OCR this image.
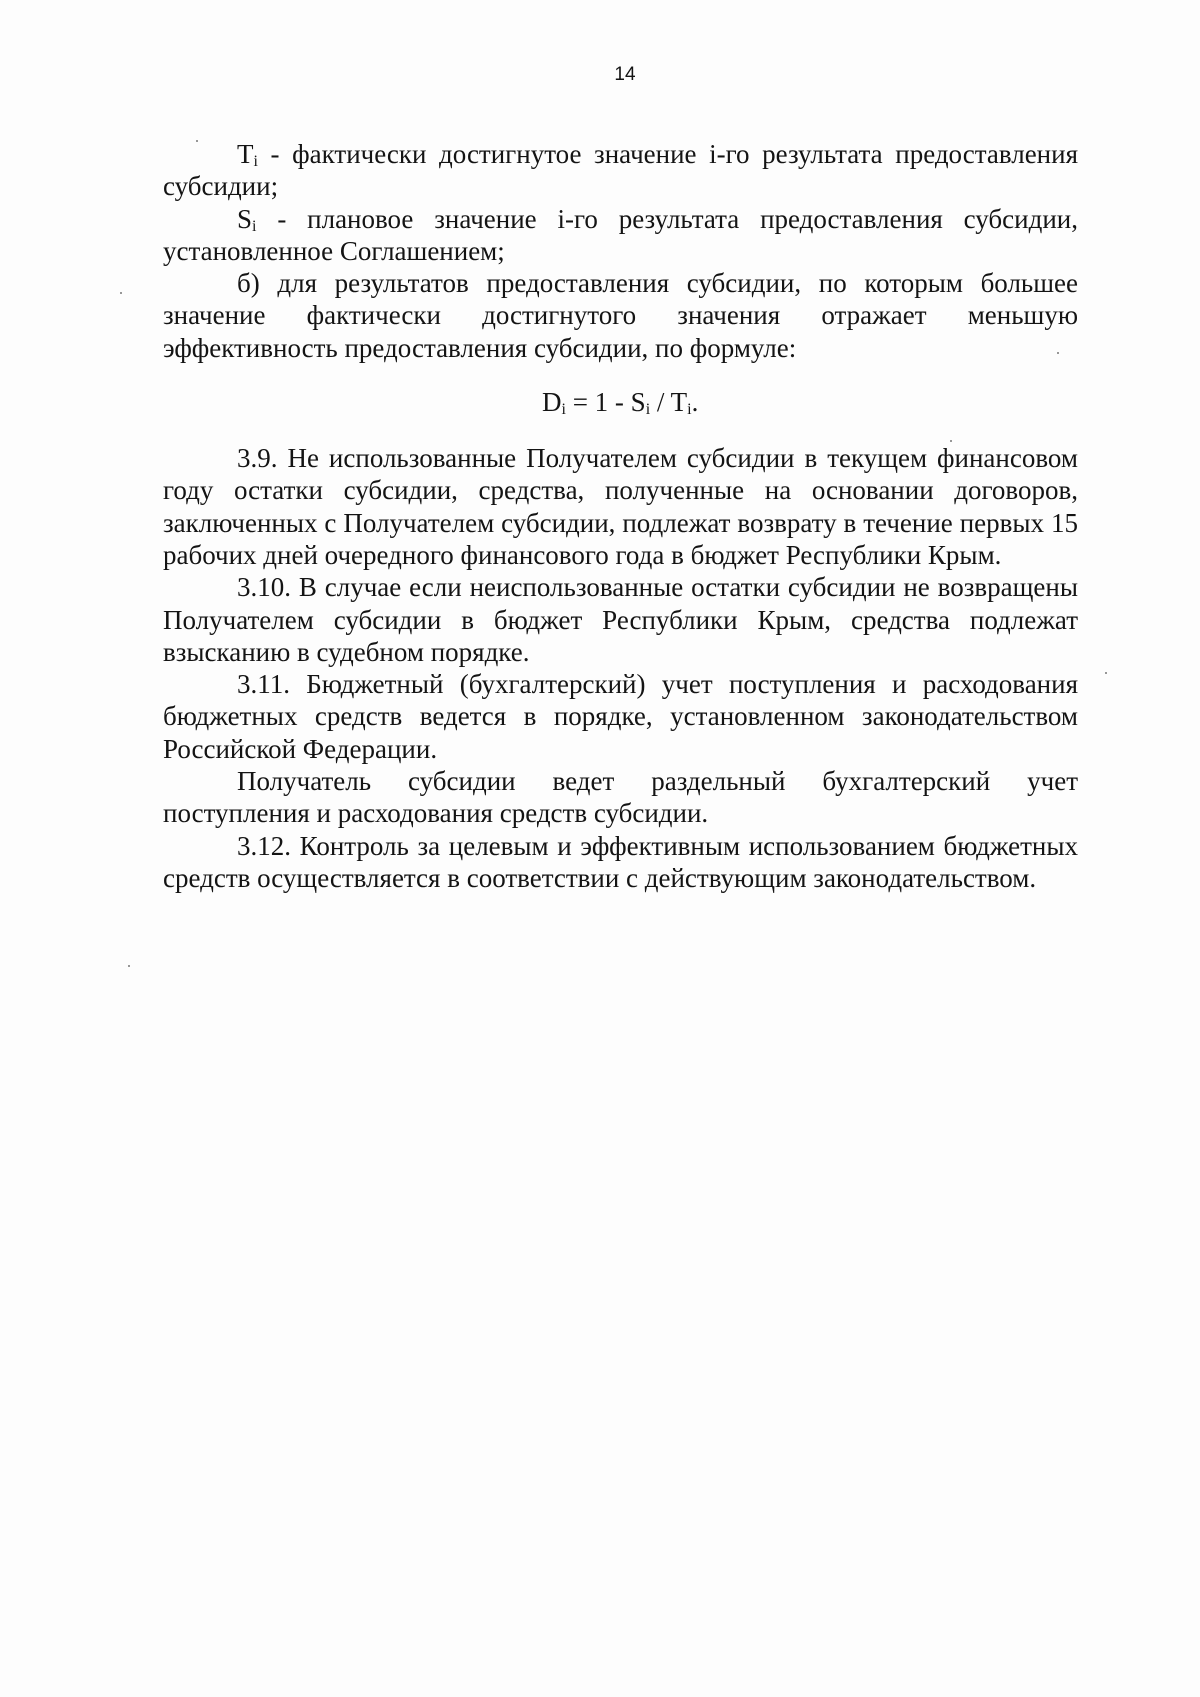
14

$T_i$ - фактически достигнутое значение i-го результата предоставления субсидии;

$S_i$ - плановое значение i-го результата предоставления субсидии, установленное Соглашением;

б) для результатов предоставления субсидии, по которым большее значение фактически достигнутого значения отражает меньшую эффективность предоставления субсидии, по формуле:

$D_i = 1 - S_i / T_i$.

3.9. Не использованные Получателем субсидии в текущем финансовом году остатки субсидии, средства, полученные на основании договоров, заключенных с Получателем субсидии, подлежат возврату в течение первых 15 рабочих дней очередного финансового года в бюджет Республики Крым.

3.10. В случае если неиспользованные остатки субсидии не возвращены Получателем субсидии в бюджет Республики Крым, средства подлежат взысканию в судебном порядке.

3.11. Бюджетный (бухгалтерский) учет поступления и расходования бюджетных средств ведется в порядке, установленном законодательством Российской Федерации.

Получатель субсидии ведет раздельный бухгалтерский учет поступления и расходования средств субсидии.

3.12. Контроль за целевым и эффективным использованием бюджетных средств осуществляется в соответствии с действующим законодательством.
